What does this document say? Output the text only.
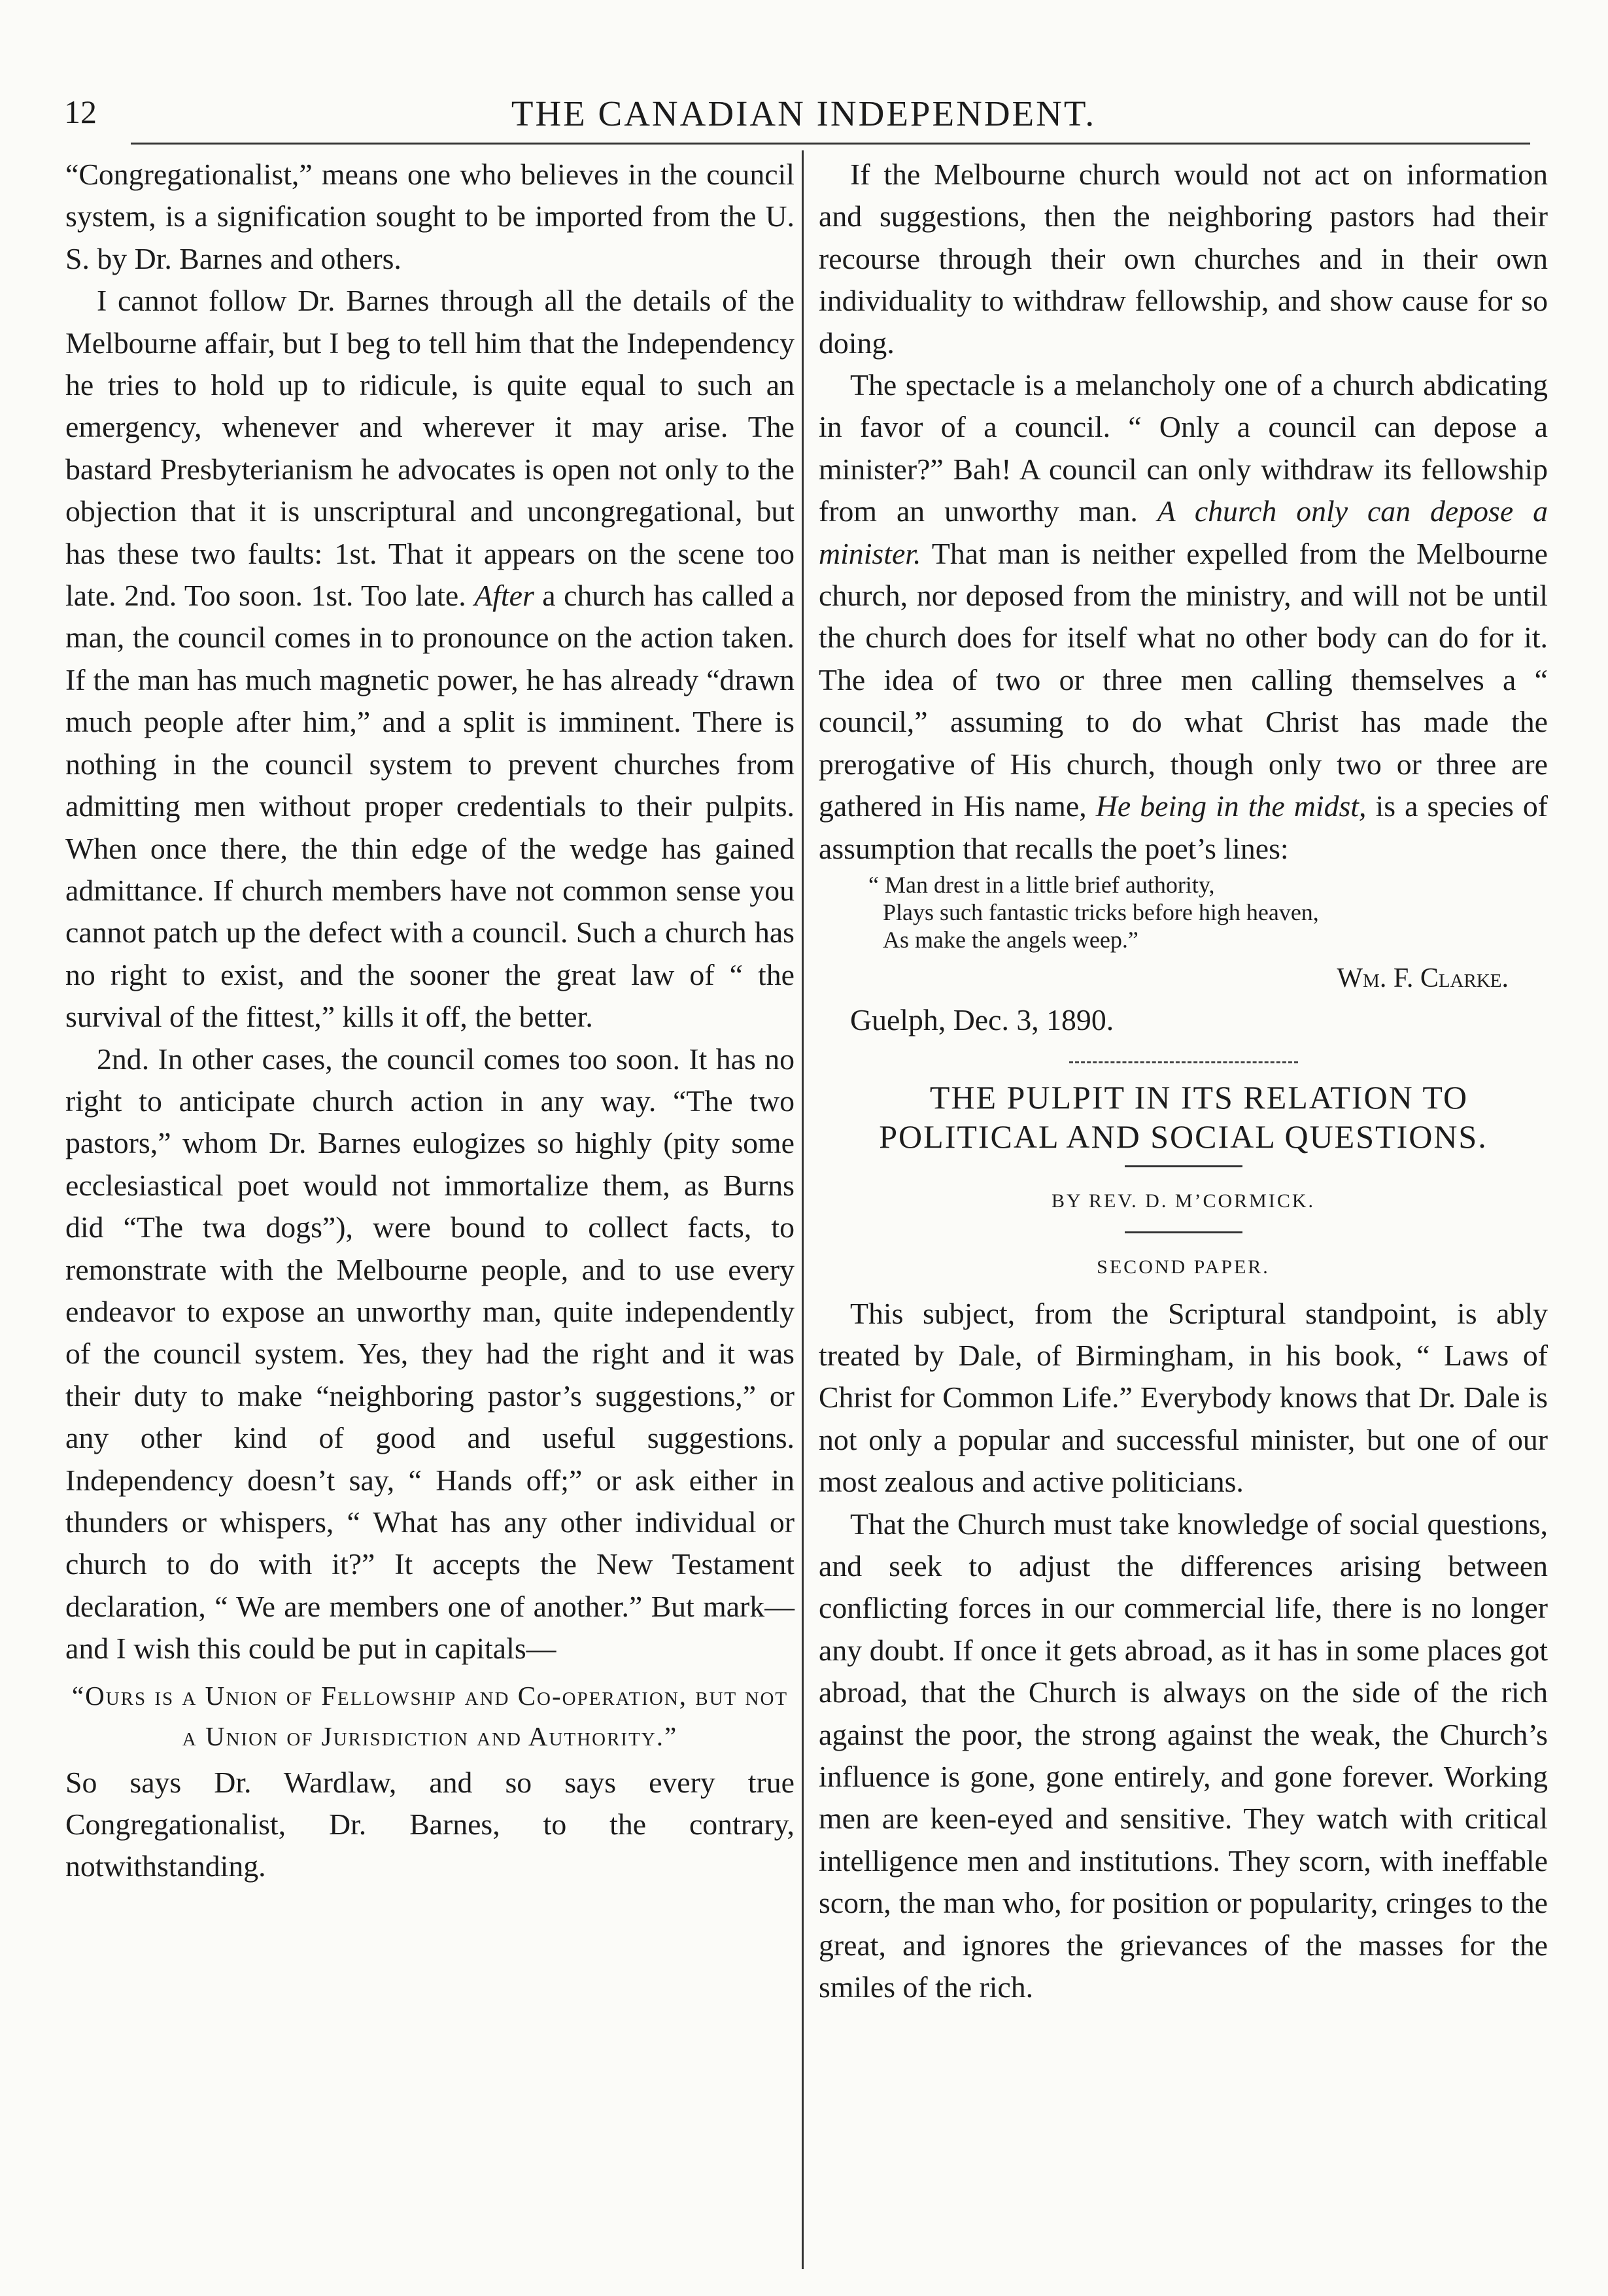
12	THE CANADIAN INDEPENDENT.

“Congregationalist,” means one who believes in the council system, is a signification sought to be imported from the U. S. by Dr. Barnes and others.

I cannot follow Dr. Barnes through all the details of the Melbourne affair, but I beg to tell him that the Independency he tries to hold up to ridicule, is quite equal to such an emergency, whenever and wherever it may arise. The bastard Presbyterianism he advocates is open not only to the objection that it is unscriptural and uncongregational, but has these two faults: 1st. That it appears on the scene too late. 2nd. Too soon. 1st. Too late. After a church has called a man, the council comes in to pronounce on the action taken. If the man has much magnetic power, he has already “drawn much people after him,” and a split is imminent. There is nothing in the council system to prevent churches from admitting men without proper credentials to their pulpits. When once there, the thin edge of the wedge has gained admittance. If church members have not common sense you cannot patch up the defect with a council. Such a church has no right to exist, and the sooner the great law of “ the survival of the fittest,” kills it off, the better.

2nd. In other cases, the council comes too soon. It has no right to anticipate church action in any way. “The two pastors,” whom Dr. Barnes eulogizes so highly (pity some ecclesiastical poet would not immortalize them, as Burns did “The twa dogs”), were bound to collect facts, to remonstrate with the Melbourne people, and to use every endeavor to expose an unworthy man, quite independently of the council system. Yes, they had the right and it was their duty to make “neighboring pastor’s suggestions,” or any other kind of good and useful suggestions. Independency doesn’t say, “ Hands off;” or ask either in thunders or whispers, “ What has any other individual or church to do with it?” It accepts the New Testament declaration, “ We are members one of another.” But mark—and I wish this could be put in capitals—

“Ours is a Union of Fellowship and Co-operation, but not a Union of Jurisdiction and Authority.”

So says Dr. Wardlaw, and so says every true Congregationalist, Dr. Barnes, to the contrary, notwithstanding.

If the Melbourne church would not act on information and suggestions, then the neighboring pastors had their recourse through their own churches and in their own individuality to withdraw fellowship, and show cause for so doing.

The spectacle is a melancholy one of a church abdicating in favor of a council. “ Only a council can depose a minister?” Bah! A council can only withdraw its fellowship from an unworthy man. A church only can depose a minister. That man is neither expelled from the Melbourne church, nor deposed from the ministry, and will not be until the church does for itself what no other body can do for it. The idea of two or three men calling themselves a “ council,” assuming to do what Christ has made the prerogative of His church, though only two or three are gathered in His name, He being in the midst, is a species of assumption that recalls the poet’s lines:

“ Man drest in a little brief authority,
Plays such fantastic tricks before high heaven,
As make the angels weep.”
Wm. F. Clarke.

Guelph, Dec. 3, 1890.

THE PULPIT IN ITS RELATION TO POLITICAL AND SOCIAL QUESTIONS.

BY REV. D. M’CORMICK.
SECOND PAPER.

This subject, from the Scriptural standpoint, is ably treated by Dale, of Birmingham, in his book, “ Laws of Christ for Common Life.” Everybody knows that Dr. Dale is not only a popular and successful minister, but one of our most zealous and active politicians.

That the Church must take knowledge of social questions, and seek to adjust the differences arising between conflicting forces in our commercial life, there is no longer any doubt. If once it gets abroad, as it has in some places got abroad, that the Church is always on the side of the rich against the poor, the strong against the weak, the Church’s influence is gone, gone entirely, and gone forever. Working men are keen-eyed and sensitive. They watch with critical intelligence men and institutions. They scorn, with ineffable scorn, the man who, for position or popularity, cringes to the great, and ignores the grievances of the masses for the smiles of the rich.
